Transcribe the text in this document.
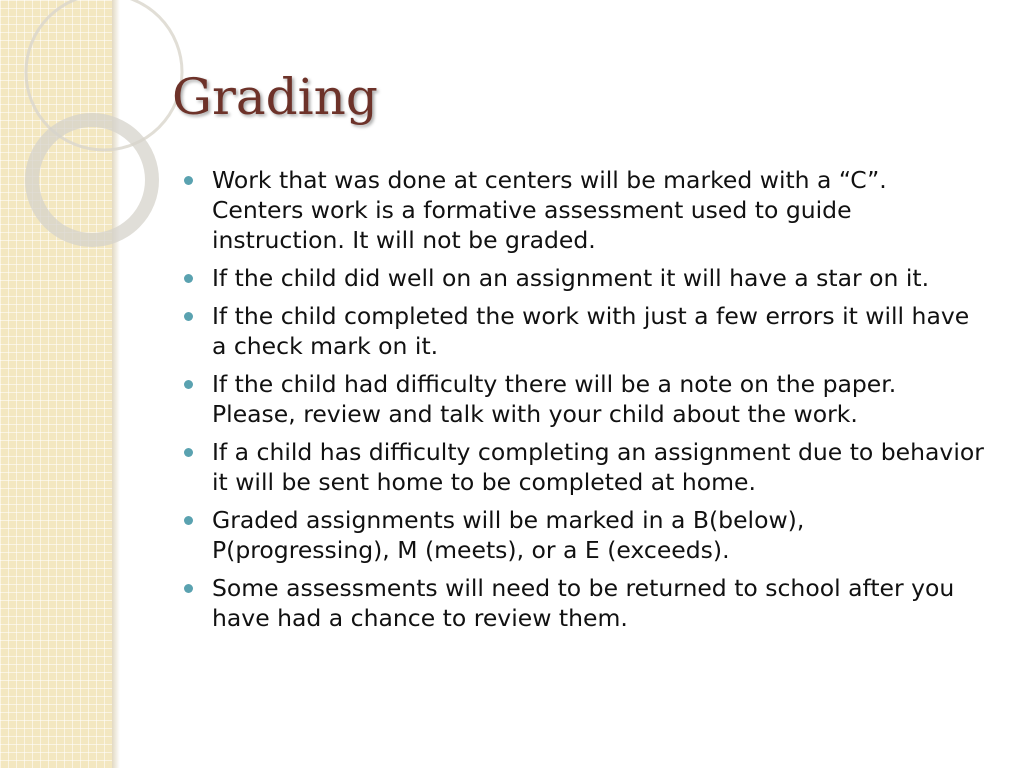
Grading
Work that was done at centers will be marked with a “C”. Centers work is a formative assessment used to guide instruction. It will not be graded.
If the child did well on an assignment it will have a star on it.
If the child completed the work with just a few errors it will have a check mark on it.
If the child had difficulty there will be a note on the paper. Please, review and talk with your child about the work.
If a child has difficulty completing an assignment due to behavior it will be sent home to be completed at home.
Graded assignments will be marked in a B(below), P(progressing), M (meets), or a E (exceeds).
Some assessments will need to be returned to school after you have had a chance to review them.
